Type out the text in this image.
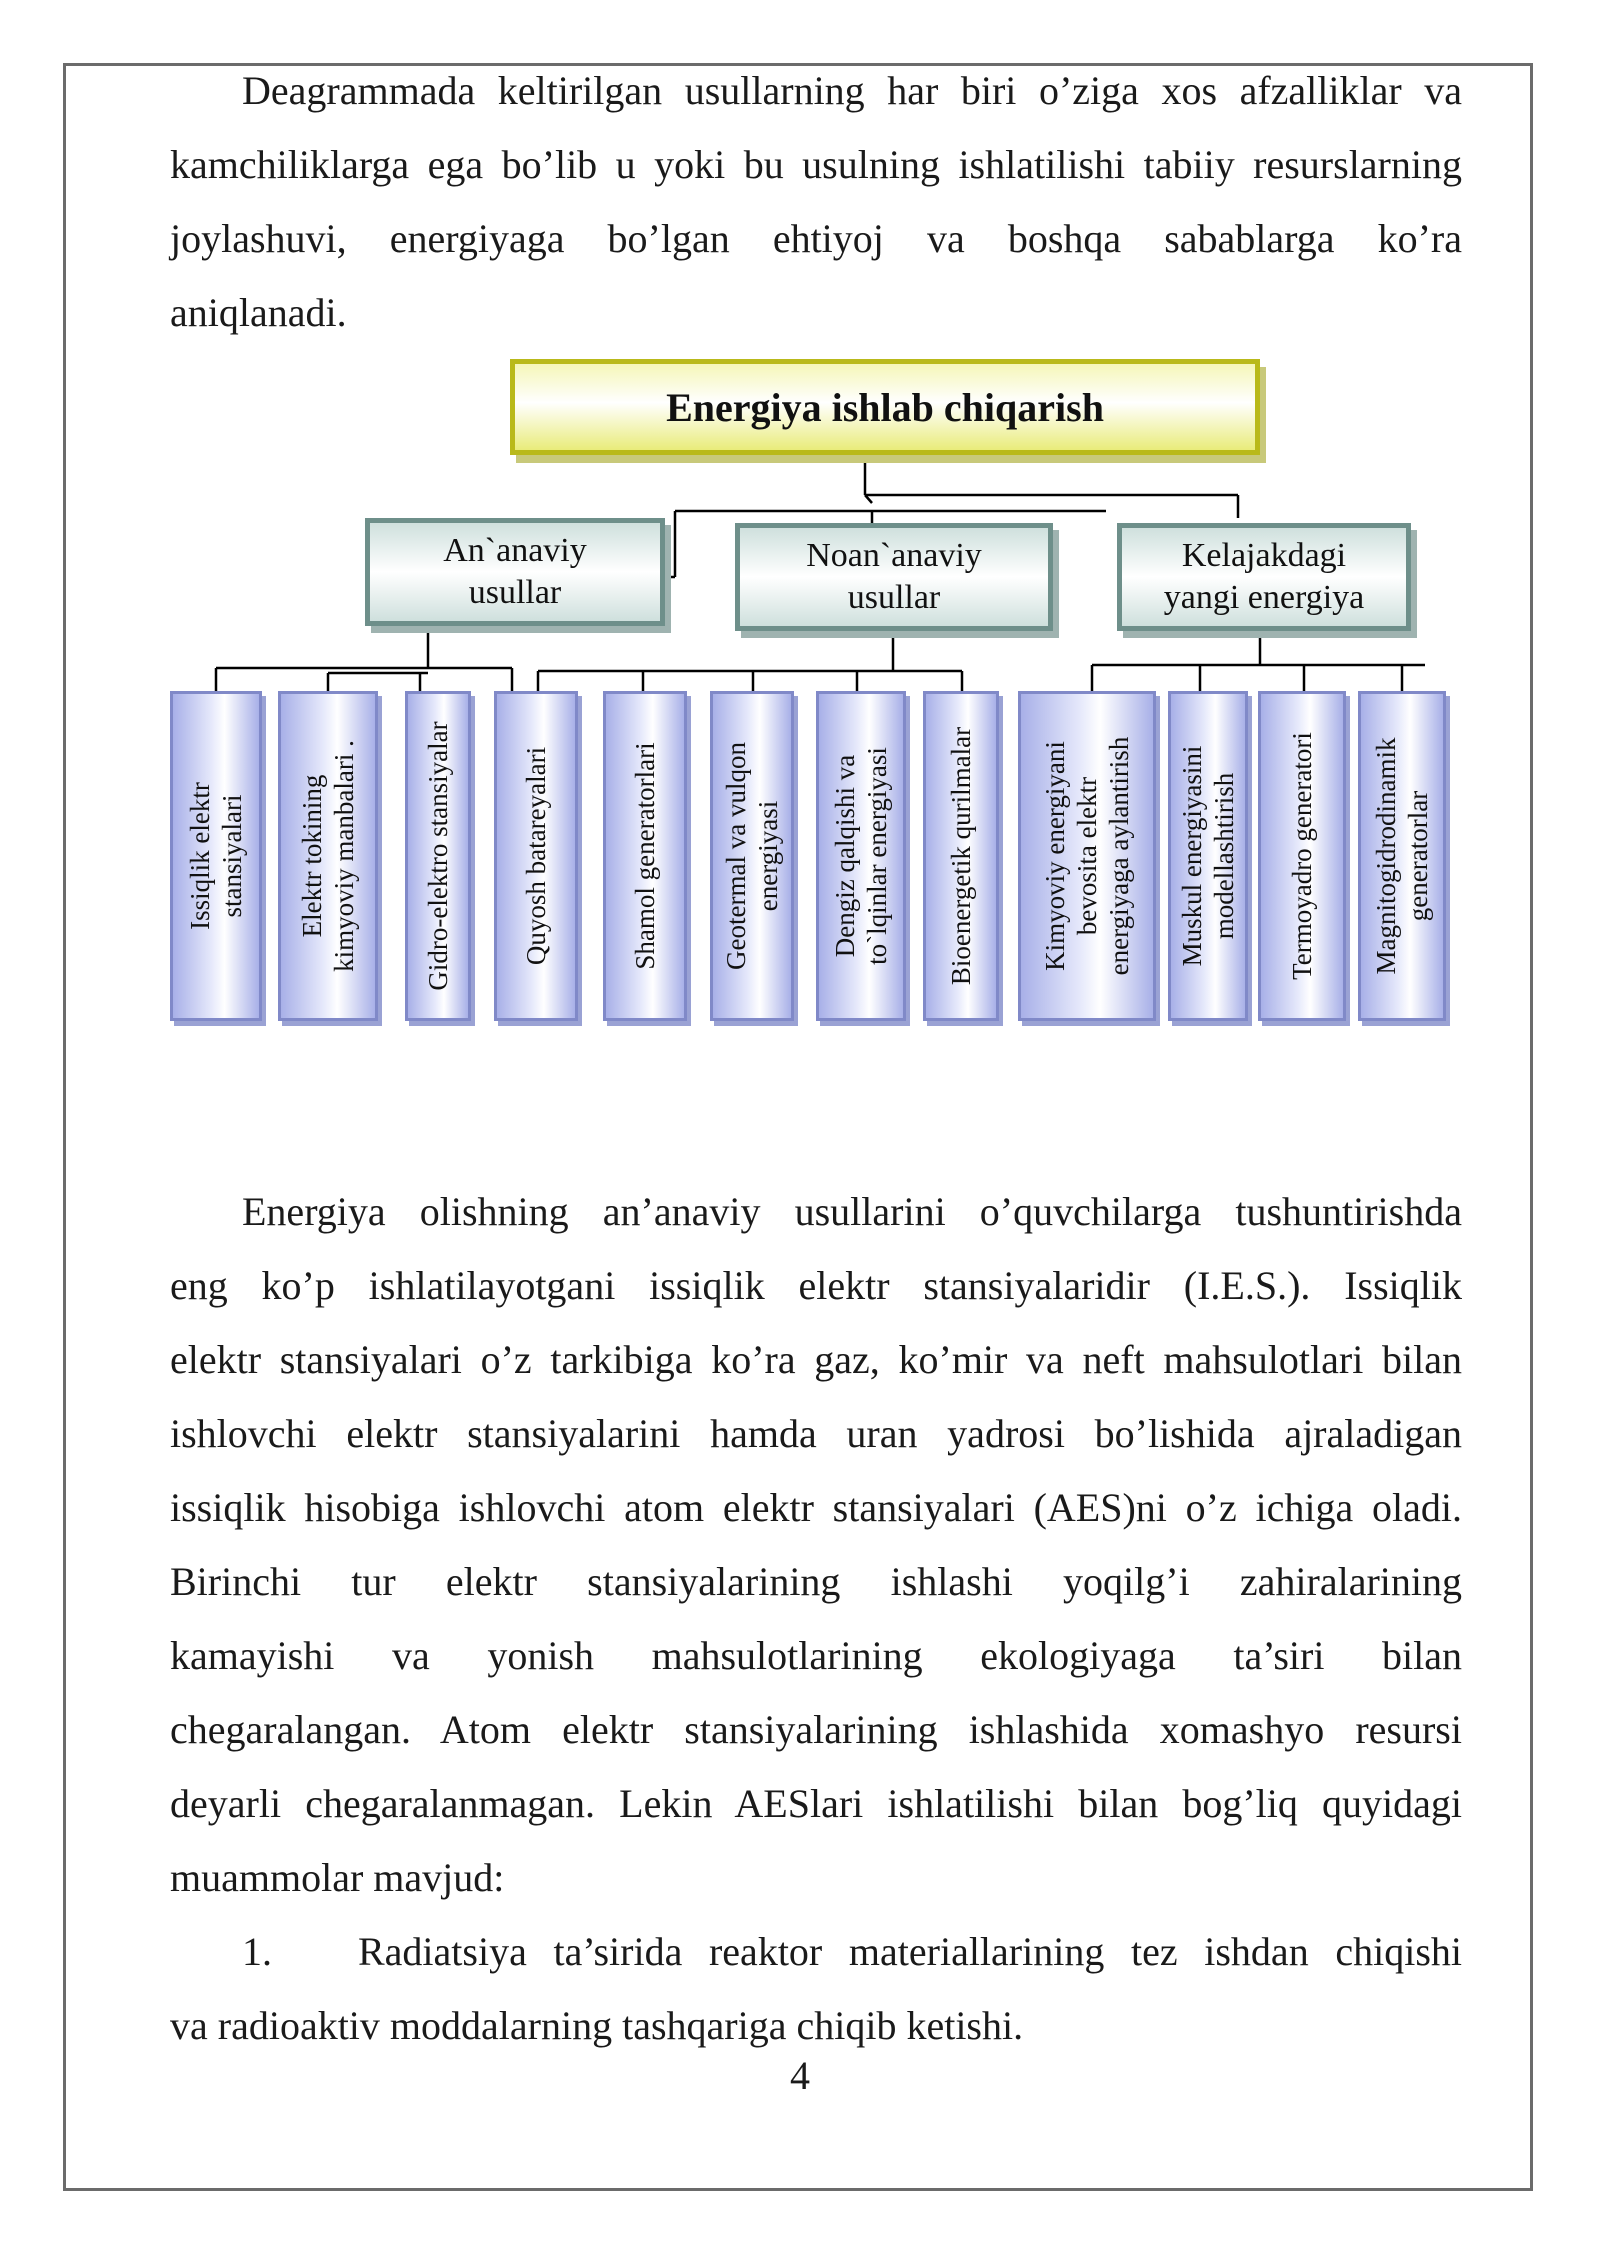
Deagrammada keltirilgan usullarning har biri o’ziga xos afzalliklar va
kamchiliklarga ega bo’lib u yoki bu usulning ishlatilishi tabiiy resurslarning
joylashuvi, energiyaga bo’lgan ehtiyoj va boshqa sabablarga ko’ra
aniqlanadi.
Energiya ishlab chiqarish
An`anaviy
usullar
Noan`anaviy
usullar
Kelajakdagi
yangi energiya
Issiqlik elektr
stansiyalari Elektr tokining
kimyoviy manbalari . Gidro-elektro stansiyalar	Quyosh batareyalari	Shamol generatorlari Geotermal va vulqon
energiyasi
Dengiz qalqishi va
to`lqinlar energiyasi Bioenergetik qurilmalar Kimyoviy energiyani
bevosita elektr
energiyaga aylantirish
Muskul energiyasini
modellashtirish Termoyadro generatori Magnitogidrodinamik
generatorlar
Energiya olishning an’anaviy usullarini o’quvchilarga tushuntirishda
eng ko’p ishlatilayotgani issiqlik elektr stansiyalaridir (I.E.S.). Issiqlik
elektr stansiyalari o’z tarkibiga ko’ra gaz, ko’mir va neft mahsulotlari bilan
ishlovchi elektr stansiyalarini hamda uran yadrosi bo’lishida ajraladigan
issiqlik hisobiga ishlovchi atom elektr stansiyalari (AES)ni o’z ichiga oladi.
Birinchi tur elektr stansiyalarining ishlashi yoqilg’i zahiralarining
kamayishi va yonish mahsulotlarining ekologiyaga ta’siri bilan
chegaralangan. Atom elektr stansiyalarining ishlashida xomashyo resursi
deyarli chegaralanmagan. Lekin AESlari ishlatilishi bilan bog’liq quyidagi
muammolar mavjud:
1.	Radiatsiya ta’sirida reaktor materiallarining tez ishdan chiqishi
va radioaktiv moddalarning tashqariga chiqib ketishi.
4
